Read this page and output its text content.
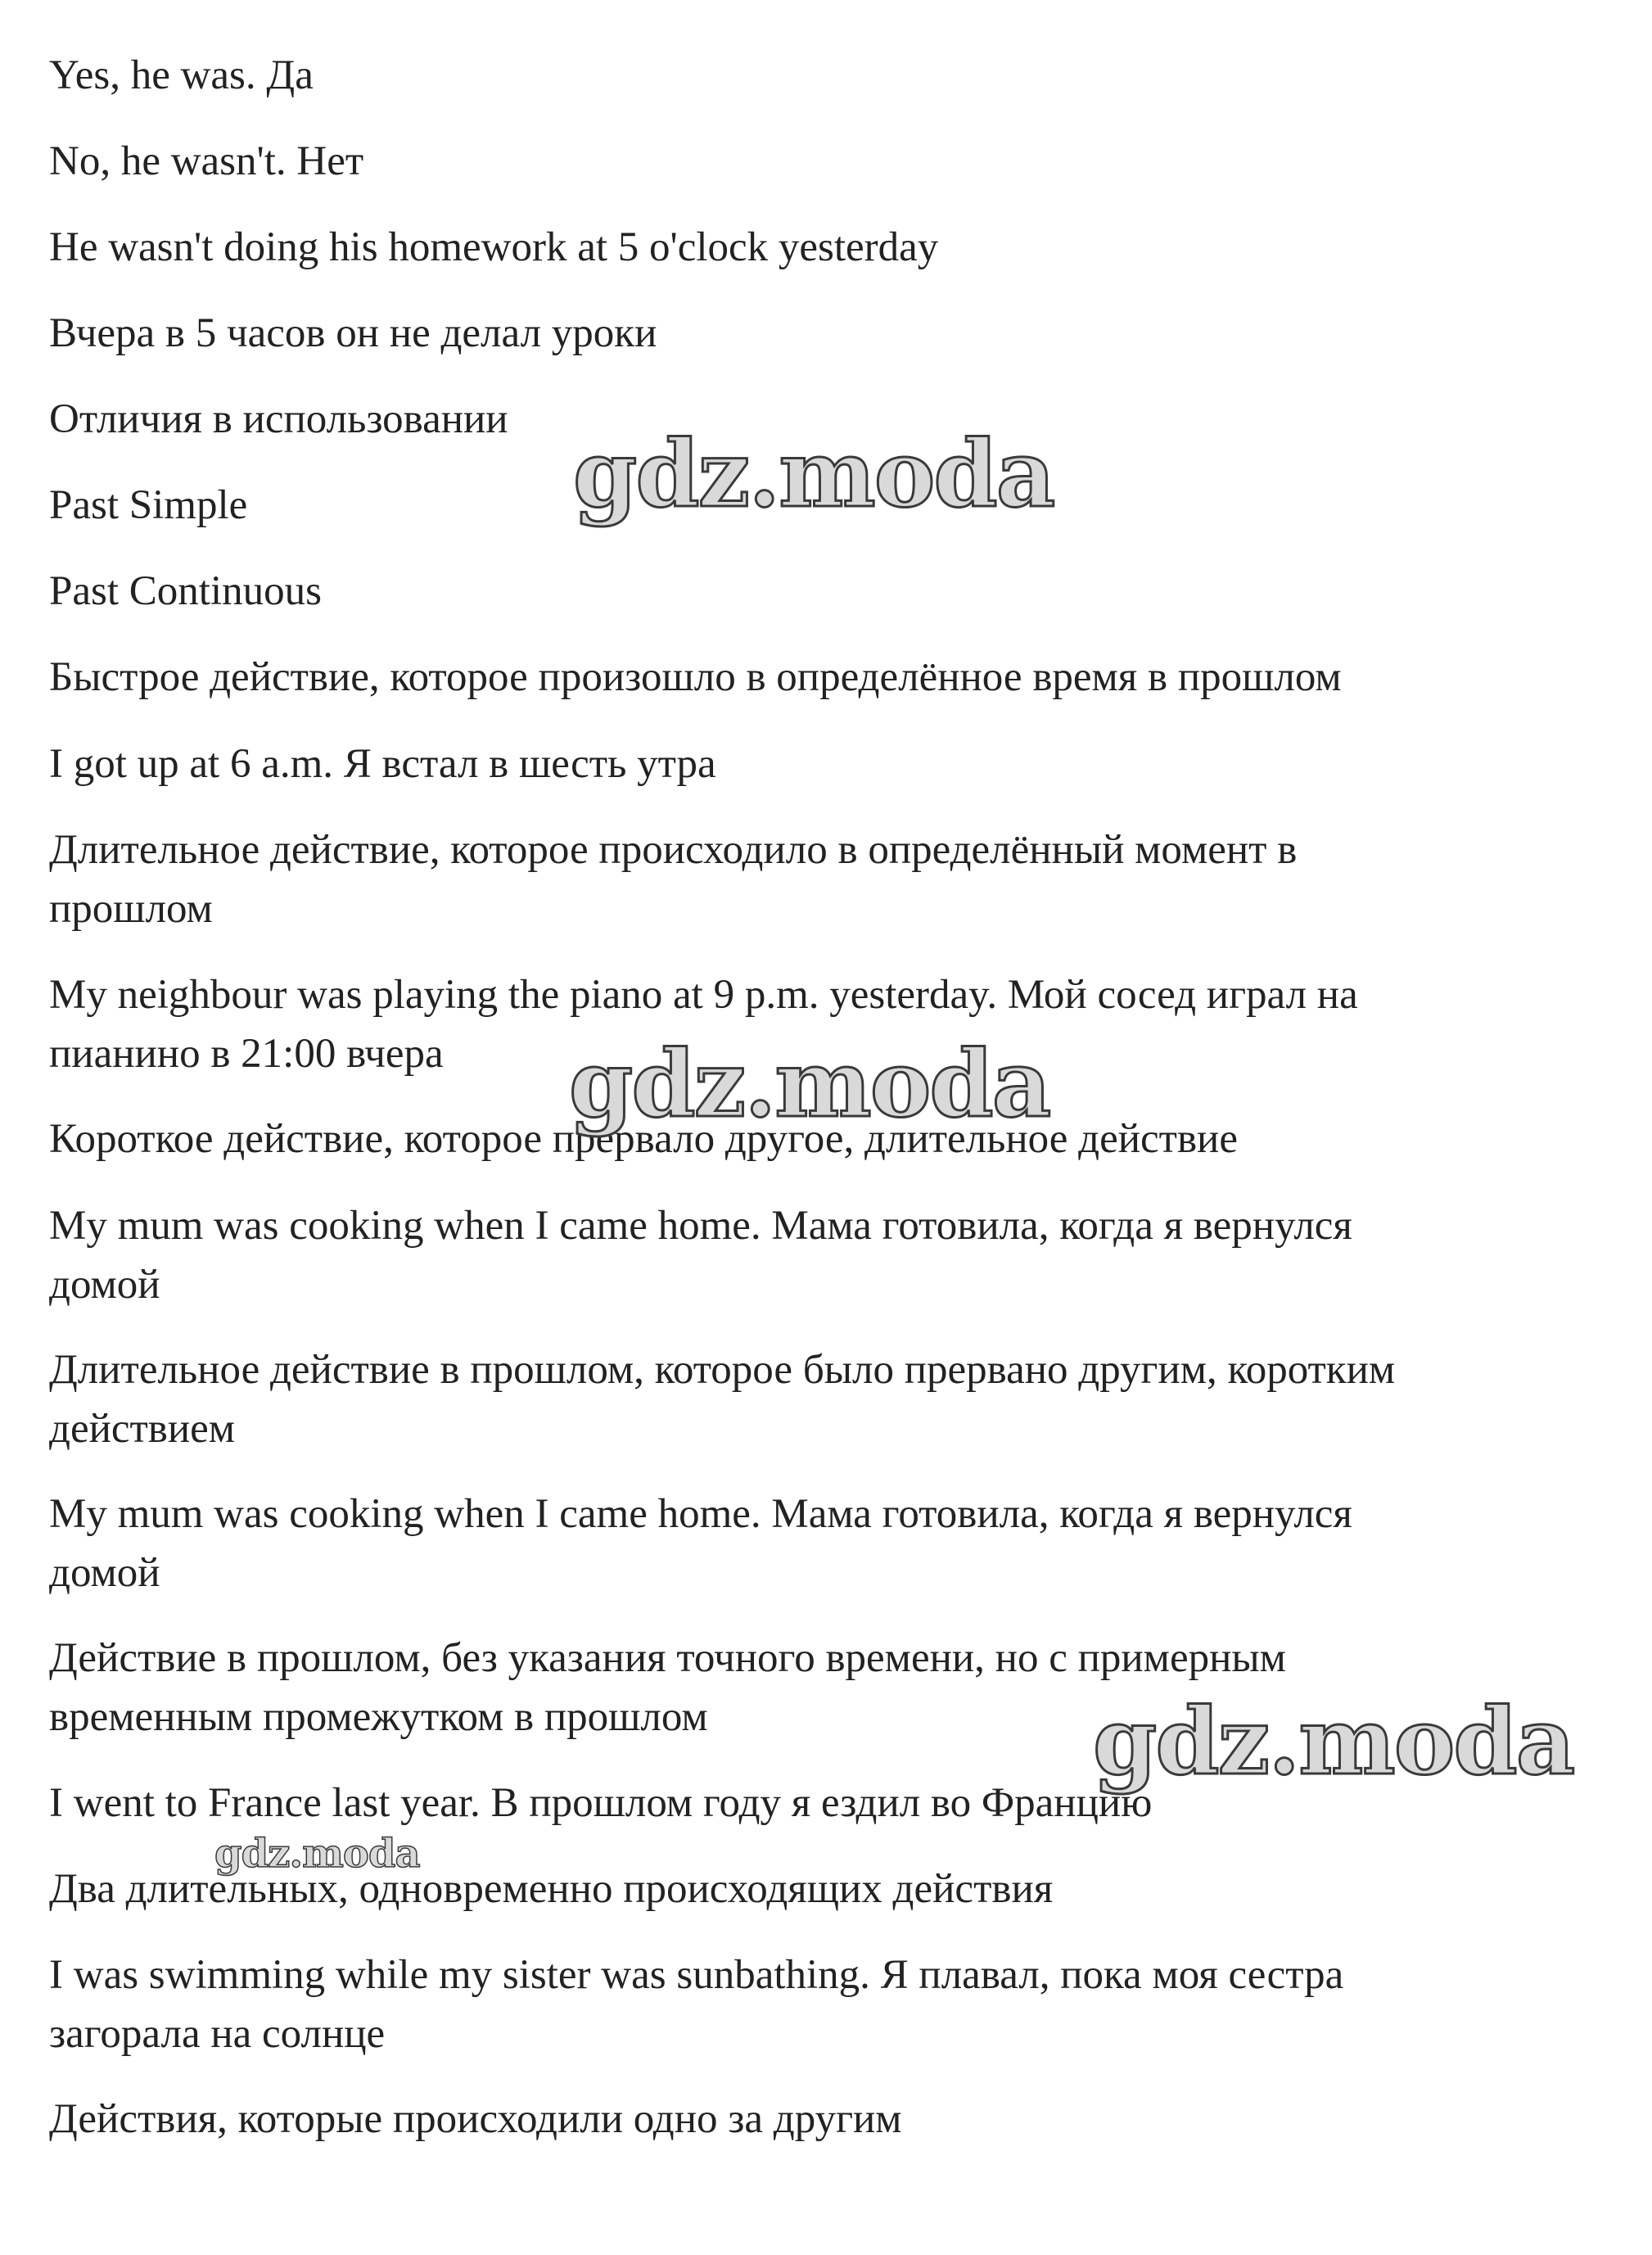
Yes, he was. Да
No, he wasn't. Нет
He wasn't doing his homework at 5 o'clock yesterday
Вчера в 5 часов он не делал уроки
Отличия в использовании
Past Simple
Past Continuous
Быстрое действие, которое произошло в определённое время в прошлом
I got up at 6 a.m. Я встал в шесть утра
Длительное действие, которое происходило в определённый момент в
прошлом
My neighbour was playing the piano at 9 p.m. yesterday. Мой сосед играл на
пианино в 21:00 вчера
Короткое действие, которое прервало другое, длительное действие
My mum was cooking when I came home. Мама готовила, когда я вернулся
домой
Длительное действие в прошлом, которое было прервано другим, коротким
действием
My mum was cooking when I came home. Мама готовила, когда я вернулся
домой
Действие в прошлом, без указания точного времени, но с примерным
временным промежутком в прошлом
I went to France last year. В прошлом году я ездил во Францию
Два длительных, одновременно происходящих действия
I was swimming while my sister was sunbathing. Я плавал, пока моя сестра
загорала на солнце
Действия, которые происходили одно за другим
gdz.moda
gdz.moda
gdz.moda
gdz.moda
